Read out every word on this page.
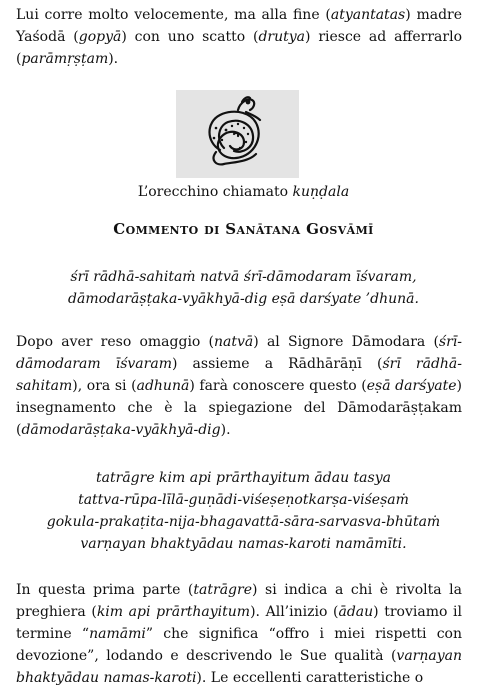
Lui corre molto velocemente, ma alla fine (atyantatas) madre Yaśodā (gopyā) con uno scatto (drutya) riesce ad afferrarlo (parāmṛṣṭam).

L’orecchino chiamato kuṇḍala
Commento di Sanātana Gosvāmī
śrī rādhā-sahitaṁ natvā śrī-dāmodaram īśvaram,
dāmodarāṣṭaka-vyākhyā-dig eṣā darśyate ’dhunā.

Dopo aver reso omaggio (natvā) al Signore Dāmodara (śrī-dāmodaram īśvaram) assieme a Rādhārāṇī (śrī rādhā-sahitam), ora si (adhunā) farà conoscere questo (eṣā darśyate) insegnamento che è la spiegazione del Dāmodarāṣṭakam (dāmodarāṣṭaka-vyākhyā-dig).

tatrāgre kim api prārthayitum ādau tasya
tattva-rūpa-līlā-guṇādi-viśeṣeṇotkarṣa-viśeṣaṁ
gokula-prakaṭita-nija-bhagavattā-sāra-sarvasva-bhūtaṁ
varṇayan bhaktyādau namas-karoti namāmīti.

In questa prima parte (tatrāgre) si indica a chi è rivolta la preghiera (kim api prārthayitum). All’inizio (ādau) troviamo il termine “namāmi” che significa “offro i miei rispetti con devozione”, lodando e descrivendo le Sue qualità (varṇayan bhaktyādau namas-karoti). Le eccellenti caratteristiche o
